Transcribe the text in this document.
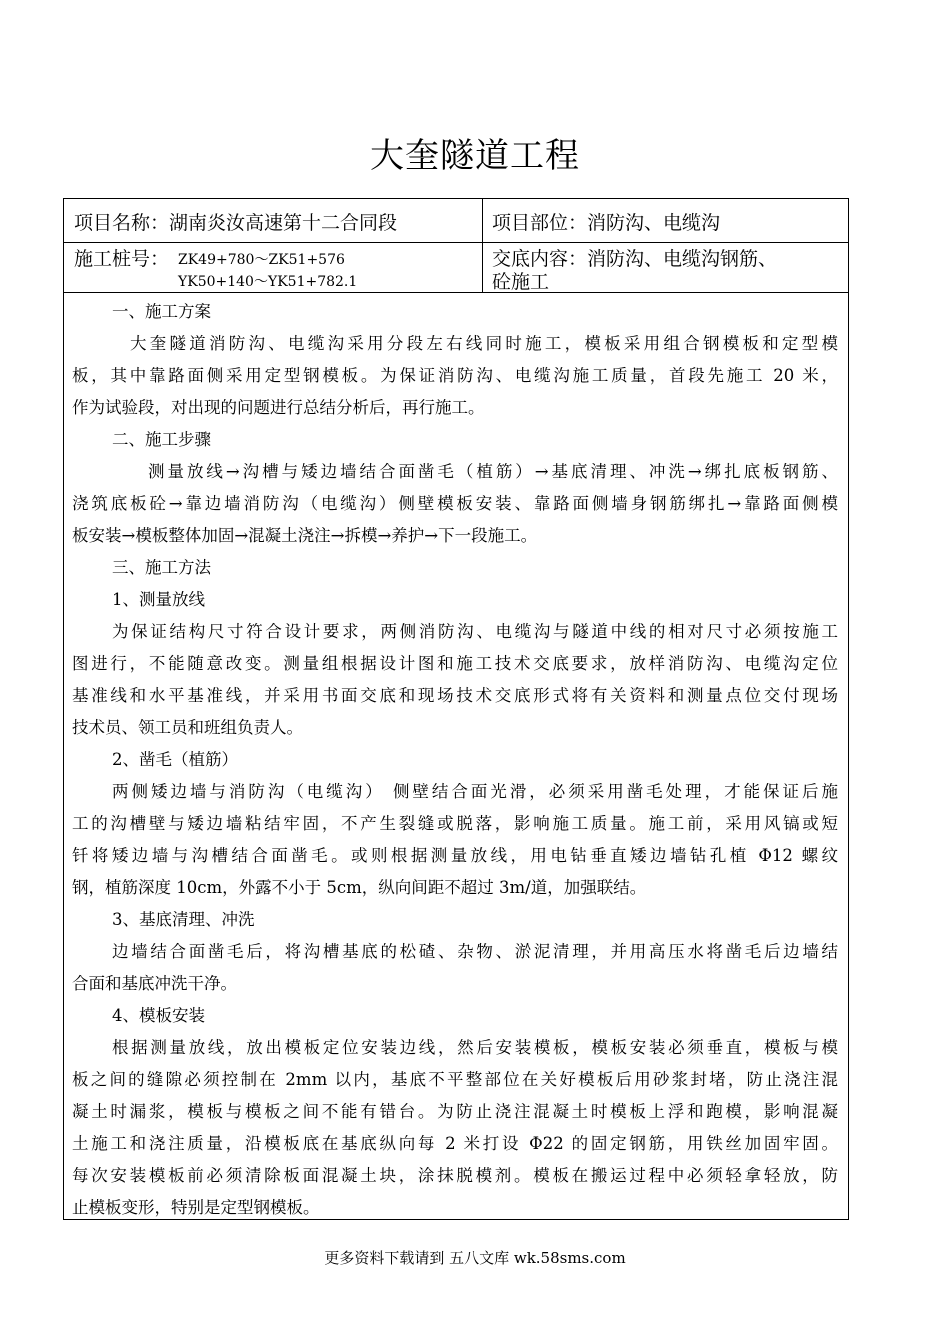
大奎隧道工程
项目名称：湖南炎汝高速第十二合同段	项目部位：消防沟、电缆沟
施工桩号： ZK49+780～ZK51+576
YK50+140～YK51+782.1
交底内容：消防沟、电缆沟钢筋、
砼施工
一、施工方案
大奎隧道消防沟、电缆沟采用分段左右线同时施工，模板采用组合钢模板和定型模
板，其中靠路面侧采用定型钢模板。为保证消防沟、电缆沟施工质量，首段先施工 20 米，
作为试验段，对出现的问题进行总结分析后，再行施工。
二、施工步骤
测量放线→沟槽与矮边墙结合面凿毛（植筋）→基底清理、冲洗→绑扎底板钢筋、
浇筑底板砼→靠边墙消防沟（电缆沟）侧壁模板安装、靠路面侧墙身钢筋绑扎→靠路面侧模
板安装→模板整体加固→混凝土浇注→拆模→养护→下一段施工。
三、施工方法
1、测量放线
为保证结构尺寸符合设计要求，两侧消防沟、电缆沟与隧道中线的相对尺寸必须按施工
图进行，不能随意改变。测量组根据设计图和施工技术交底要求，放样消防沟、电缆沟定位
基准线和水平基准线，并采用书面交底和现场技术交底形式将有关资料和测量点位交付现场
技术员、领工员和班组负责人。
2、凿毛（植筋）
两侧矮边墙与消防沟（电缆沟） 侧壁结合面光滑，必须采用凿毛处理，才能保证后施
工的沟槽壁与矮边墙粘结牢固，不产生裂缝或脱落，影响施工质量。施工前，采用风镐或短
钎将矮边墙与沟槽结合面凿毛。或则根据测量放线，用电钻垂直矮边墙钻孔植 Φ12 螺纹
钢，植筋深度 10cm，外露不小于 5cm，纵向间距不超过 3m/道，加强联结。
3、基底清理、冲洗
边墙结合面凿毛后，将沟槽基底的松碴、杂物、淤泥清理，并用高压水将凿毛后边墙结
合面和基底冲洗干净。
4、模板安装
根据测量放线，放出模板定位安装边线，然后安装模板，模板安装必须垂直，模板与模
板之间的缝隙必须控制在 2mm 以内，基底不平整部位在关好模板后用砂浆封堵，防止浇注混
凝土时漏浆，模板与模板之间不能有错台。为防止浇注混凝土时模板上浮和跑模，影响混凝
土施工和浇注质量，沿模板底在基底纵向每 2 米打设 Φ22 的固定钢筋，用铁丝加固牢固。
每次安装模板前必须清除板面混凝土块，涂抹脱模剂。模板在搬运过程中必须轻拿轻放，防
止模板变形，特别是定型钢模板。
更多资料下载请到 五八文库 wk.58sms.com
